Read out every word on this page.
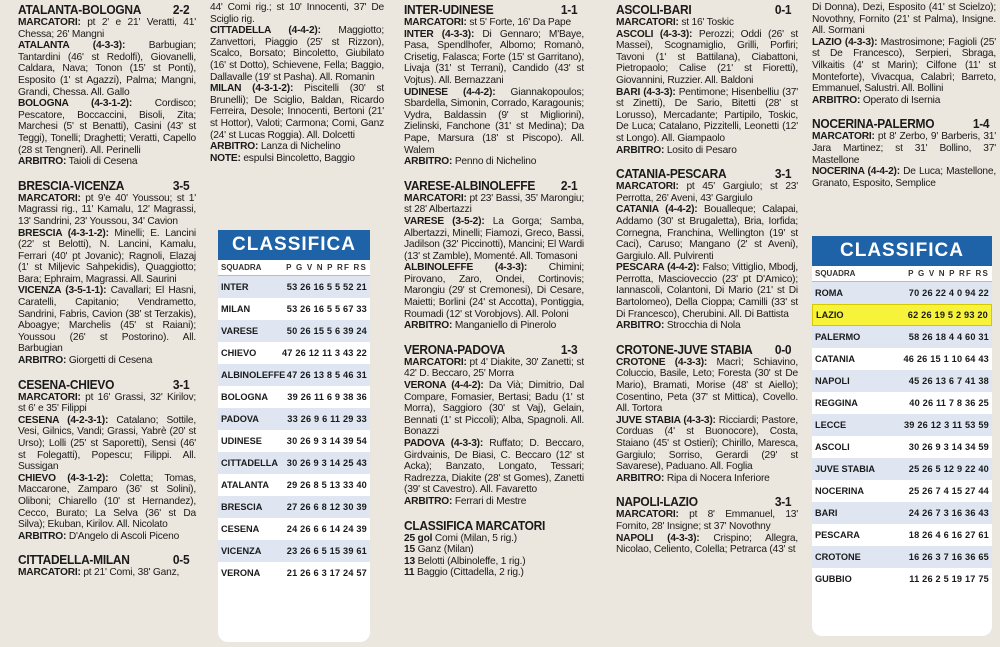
ATALANTA-BOLOGNA 2-2
MARCATORI: pt 2' e 21' Veratti, 41' Chessa; 26' Mangni
ATALANTA (4-3-3): Barbugian; Tantardini (46' st Redolfi), Giovanelli, Caldara, Nava; Tonon (15' st Ponti), Esposito (1' st Agazzi), Palma; Mangni, Grandi, Chessa. All. Gallo
BOLOGNA (4-3-1-2): Cordisco; Pescatore, Boccaccini, Bisoli, Zita; Marchesi (5' st Benatti), Casini (43' st Teggi), Tonelli; Draghetti; Veratti, Capello (28 st Tengneri). All. Perinelli
ARBITRO: Taioli di Cesena
BRESCIA-VICENZA	3-5
MARCATORI: pt 9'e 40' Youssou; st 1' Magrassi rig., 11' Kamalu, 12' Magrassi, 13' Sandrini, 23' Youssou, 34' Cavion
BRESCIA (4-3-1-2): Minelli; E. Lancini (22' st Belotti), N. Lancini, Kamalu, Ferrari (40' pt Jovanic); Ragnoli, Elazaj (1' st Miljevic Sahpekidis), Quaggiotto; Bara; Ephraim, Magrassi. All. Saurini
VICENZA (3-5-1-1): Cavallari; El Hasni, Caratelli, Capitanio; Vendrametto, Sandrini, Fabris, Cavion (38' st Terzakis), Aboagye; Marchelis (45' st Raiani); Youssou (26' st Postorino). All. Barbugian
ARBITRO: Giorgetti di Cesena
CESENA-CHIEVO	3-1
MARCATORI: pt 16' Grassi, 32' Kirilov; st 6' e 35' Filippi
CESENA (4-2-3-1): Catalano; Sottile, Vesi, Gilnics, Vandi; Grassi, Yabrè (20' st Urso); Lolli (25' st Saporetti), Sensi (46' st Folegatti), Popescu; Filippi. All. Sussigan
CHIEVO (4-3-1-2): Coletta; Tomas, Maccarone, Zamparo (36' st Solini), Oliboni; Chiarello (10' st Hernandez), Cecco, Burato; La Selva (36' st Da Silva); Ekuban, Kirilov. All. Nicolato
ARBITRO: D'Angelo di Ascoli Piceno
CITTADELLA-MILAN	0-5
MARCATORI: pt 21' Comi, 38' Ganz,
44' Comi rig.; st 10' Innocenti, 37' De Sciglio rig.
CITTADELLA (4-4-2): Maggiotto; Zanvettori, Piaggio (25' st Rizzon), Scalco, Borsato; Bincoletto, Giubilato (16' st Dotto), Schievene, Fella; Baggio, Dallavalle (19' st Pasha). All. Romanin
MILAN (4-3-1-2): Piscitelli (30' st Brunelli); De Sciglio, Baldan, Ricardo Ferreira, Desole; Innocenti, Bertoni (21' st Hottor), Valoti; Carmona; Comi, Ganz (24' st Lucas Roggia). All. Dolcetti
ARBITRO: Lanza di Nichelino
NOTE: espulsi Bincoletto, Baggio
INTER-UDINESE	1-1
MARCATORI: st 5' Forte, 16' Da Pape
INTER (4-3-3): Di Gennaro; M'Baye, Pasa, Spendlhofer, Albomo; Romanò, Crisetig, Falasca; Forte (15' st Garritano), Livaja (31' st Terrani), Candido (43' st Vojtus). All. Bernazzani
UDINESE (4-4-2): Giannakopoulos; Sbardella, Simonin, Corrado, Karagounis; Vydra, Baldassin (9' st Migliorini), Zielinski, Fanchone (31' st Medina); Da Pape, Marsura (18' st Piscopo). All. Walem
ARBITRO: Penno di Nichelino
VARESE-ALBINOLEFFE 2-1
MARCATORI: pt 23' Bassi, 35' Marongiu; st 28' Albertazzi
VARESE (3-5-2): La Gorga; Samba, Albertazzi, Minelli; Fiamozi, Greco, Bassi, Jadilson (32' Piccinotti), Mancini; El Wardi (13' st Zamble), Momenté. All. Tomasoni
ALBINOLEFFE (4-3-3): Chimini; Pirovano, Zaro, Ondei, Cortinovis; Marongiu (29' st Cremonesi), Di Cesare, Maietti; Borlini (24' st Accotta), Pontiggia, Roumadi (12' st Vorobjovs). All. Poloni
ARBITRO: Manganiello di Pinerolo
VERONA-PADOVA	1-3
MARCATORI: pt 4' Diakite, 30' Zanetti; st 42' D. Beccaro, 25' Morra
VERONA (4-4-2): Da Vià; Dimitrio, Dal Compare, Fomasier, Bertasi; Badu (1' st Morra), Saggioro (30' st Vaj), Gelain, Bennati (1' st Piccoli); Alba, Spagnoli. All. Bonazzi
PADOVA (4-3-3): Ruffato; D. Beccaro, Girdvainis, De Biasi, C. Beccaro (12' st Acka); Banzato, Longato, Tessari; Radrezza, Diakite (28' st Gomes), Zanetti (39' st Cavestro). All. Favaretto
ARBITRO: Ferrari di Mestre
CLASSIFICA MARCATORI
25 gol Comi (Milan, 5 rig.)
15 Ganz (Milan)
13 Belotti (Albinoleffe, 1 rig.)
11 Baggio (Cittadella, 2 rig.)
ASCOLI-BARI	0-1
MARCATORI: st 16' Toskic
ASCOLI (4-3-3): Perozzi; Oddi (26' st Massei), Scognamiglio, Grilli, Porfiri; Tavoni (1' st Battilana), Ciabattoni, Pietropaolo; Calise (21' st Fioretti), Giovannini, Ruzzier. All. Baldoni
BARI (4-3-3): Pentimone; Hisenbelliu (37' st Zinetti), De Sario, Bitetti (28' st Lorusso), Mercadante; Partipilo, Toskic, De Luca; Catalano, Pizzitelli, Leonetti (12' st Longo). All. Giampaolo
ARBITRO: Losito di Pesaro
CATANIA-PESCARA	3-1
MARCATORI: pt 45' Gargiulo; st 23' Perrotta, 26' Aveni, 43' Gargiulo
CATANIA (4-4-2): Boualleque; Calapai, Addamo (30' st Brugaletta), Bria, Iorfida; Cornegna, Franchina, Wellington (19' st Caci), Caruso; Mangano (2' st Aveni), Gargiulo. All. Pulvirenti
PESCARA (4-4-2): Falso; Vittiglio, Mbodj, Perrotta, Mascioveccio (23' pt D'Amico); Iannascoli, Colantoni, Di Mario (21' st Di Bartolomeo), Della Cioppa; Camilli (33' st Di Francesco), Cherubini. All. Di Battista
ARBITRO: Strocchia di Nola
CROTONE-JUVE STABIA 0-0
CROTONE (4-3-3): Macrì; Schiavino, Coluccio, Basile, Leto; Foresta (30' st De Mario), Bramati, Morise (48' st Aiello); Cosentino, Peta (37' st Mittica), Covello. All. Tortora
JUVE STABIA (4-3-3): Ricciardi; Pastore, Corduas (4' st Buonocore), Costa, Staiano (45' st Ostieri); Chirillo, Maresca, Gargiulo; Sorriso, Gerardi (29' st Savarese), Paduano. All. Foglia
ARBITRO: Ripa di Nocera Inferiore
NAPOLI-LAZIO	3-1
MARCATORI: pt 8' Emmanuel, 13' Fornito, 28' Insigne; st 37' Novothny
NAPOLI (4-3-3): Crispino; Allegra, Nicolao, Celiento, Colella; Petrarca (43' st
Di Donna), Dezi, Esposito (41' st Scielzo); Novothny, Fornito (21' st Palma), Insigne. All. Sormani
LAZIO (4-3-3): Mastrosimone; Fagioli (25' st De Francesco), Serpieri, Sbraga, Vilkaitis (4' st Marin); Cilfone (11' st Monteforte), Vivacqua, Calabrì; Barreto, Emmanuel, Salustri. All. Bollini
ARBITRO: Operato di Isernia
NOCERINA-PALERMO	1-4
MARCATORI: pt 8' Zerbo, 9' Barberis, 31' Jara Martinez; st 31' Bollino, 37' Mastellone
NOCERINA (4-4-2): De Luca; Mastellone, Granato, Esposito, Semplice
CLASSIFICA
SQUADRA	P G V N P RF RS
INTER	53 26 16 5 5 52 21
MILAN	53 26 16 5 5 67 33
VARESE	50 26 15 5 6 39 24
CHIEVO	47 26 12 11 3 43 22
ALBINOLEFFE 47 26 13 8 5 46 31
BOLOGNA	39 26 11 6 9 38 36
PADOVA	33 26 9 6 11 29 33
UDINESE	30 26 9 3 14 39 54
CITTADELLA 30 26 9 3 14 25 43
ATALANTA	29 26 8 5 13 33 40
BRESCIA	27 26 6 8 12 30 39
CESENA	24 26 6 6 14 24 39
VICENZA	23 26 6 5 15 39 61
VERONA	21 26 6 3 17 24 57
CLASSIFICA
SQUADRA	P G V N P RF RS
ROMA	70 26 22 4 0 94 22
LAZIO	62 26 19 5 2 93 20
PALERMO	58 26 18 4 4 60 31
CATANIA	46 26 15 1 10 64 43
NAPOLI	45 26 13 6 7 41 38
REGGINA	40 26 11 7 8 36 25
LECCE	39 26 12 3 11 53 59
ASCOLI	30 26 9 3 14 34 59
JUVE STABIA	25 26 5 12 9 22 40
NOCERINA	25 26 7 4 15 27 44
BARI	24 26 7 3 16 36 43
PESCARA	18 26 4 6 16 27 61
CROTONE	16 26 3 7 16 36 65
GUBBIO	11 26 2 5 19 17 75
